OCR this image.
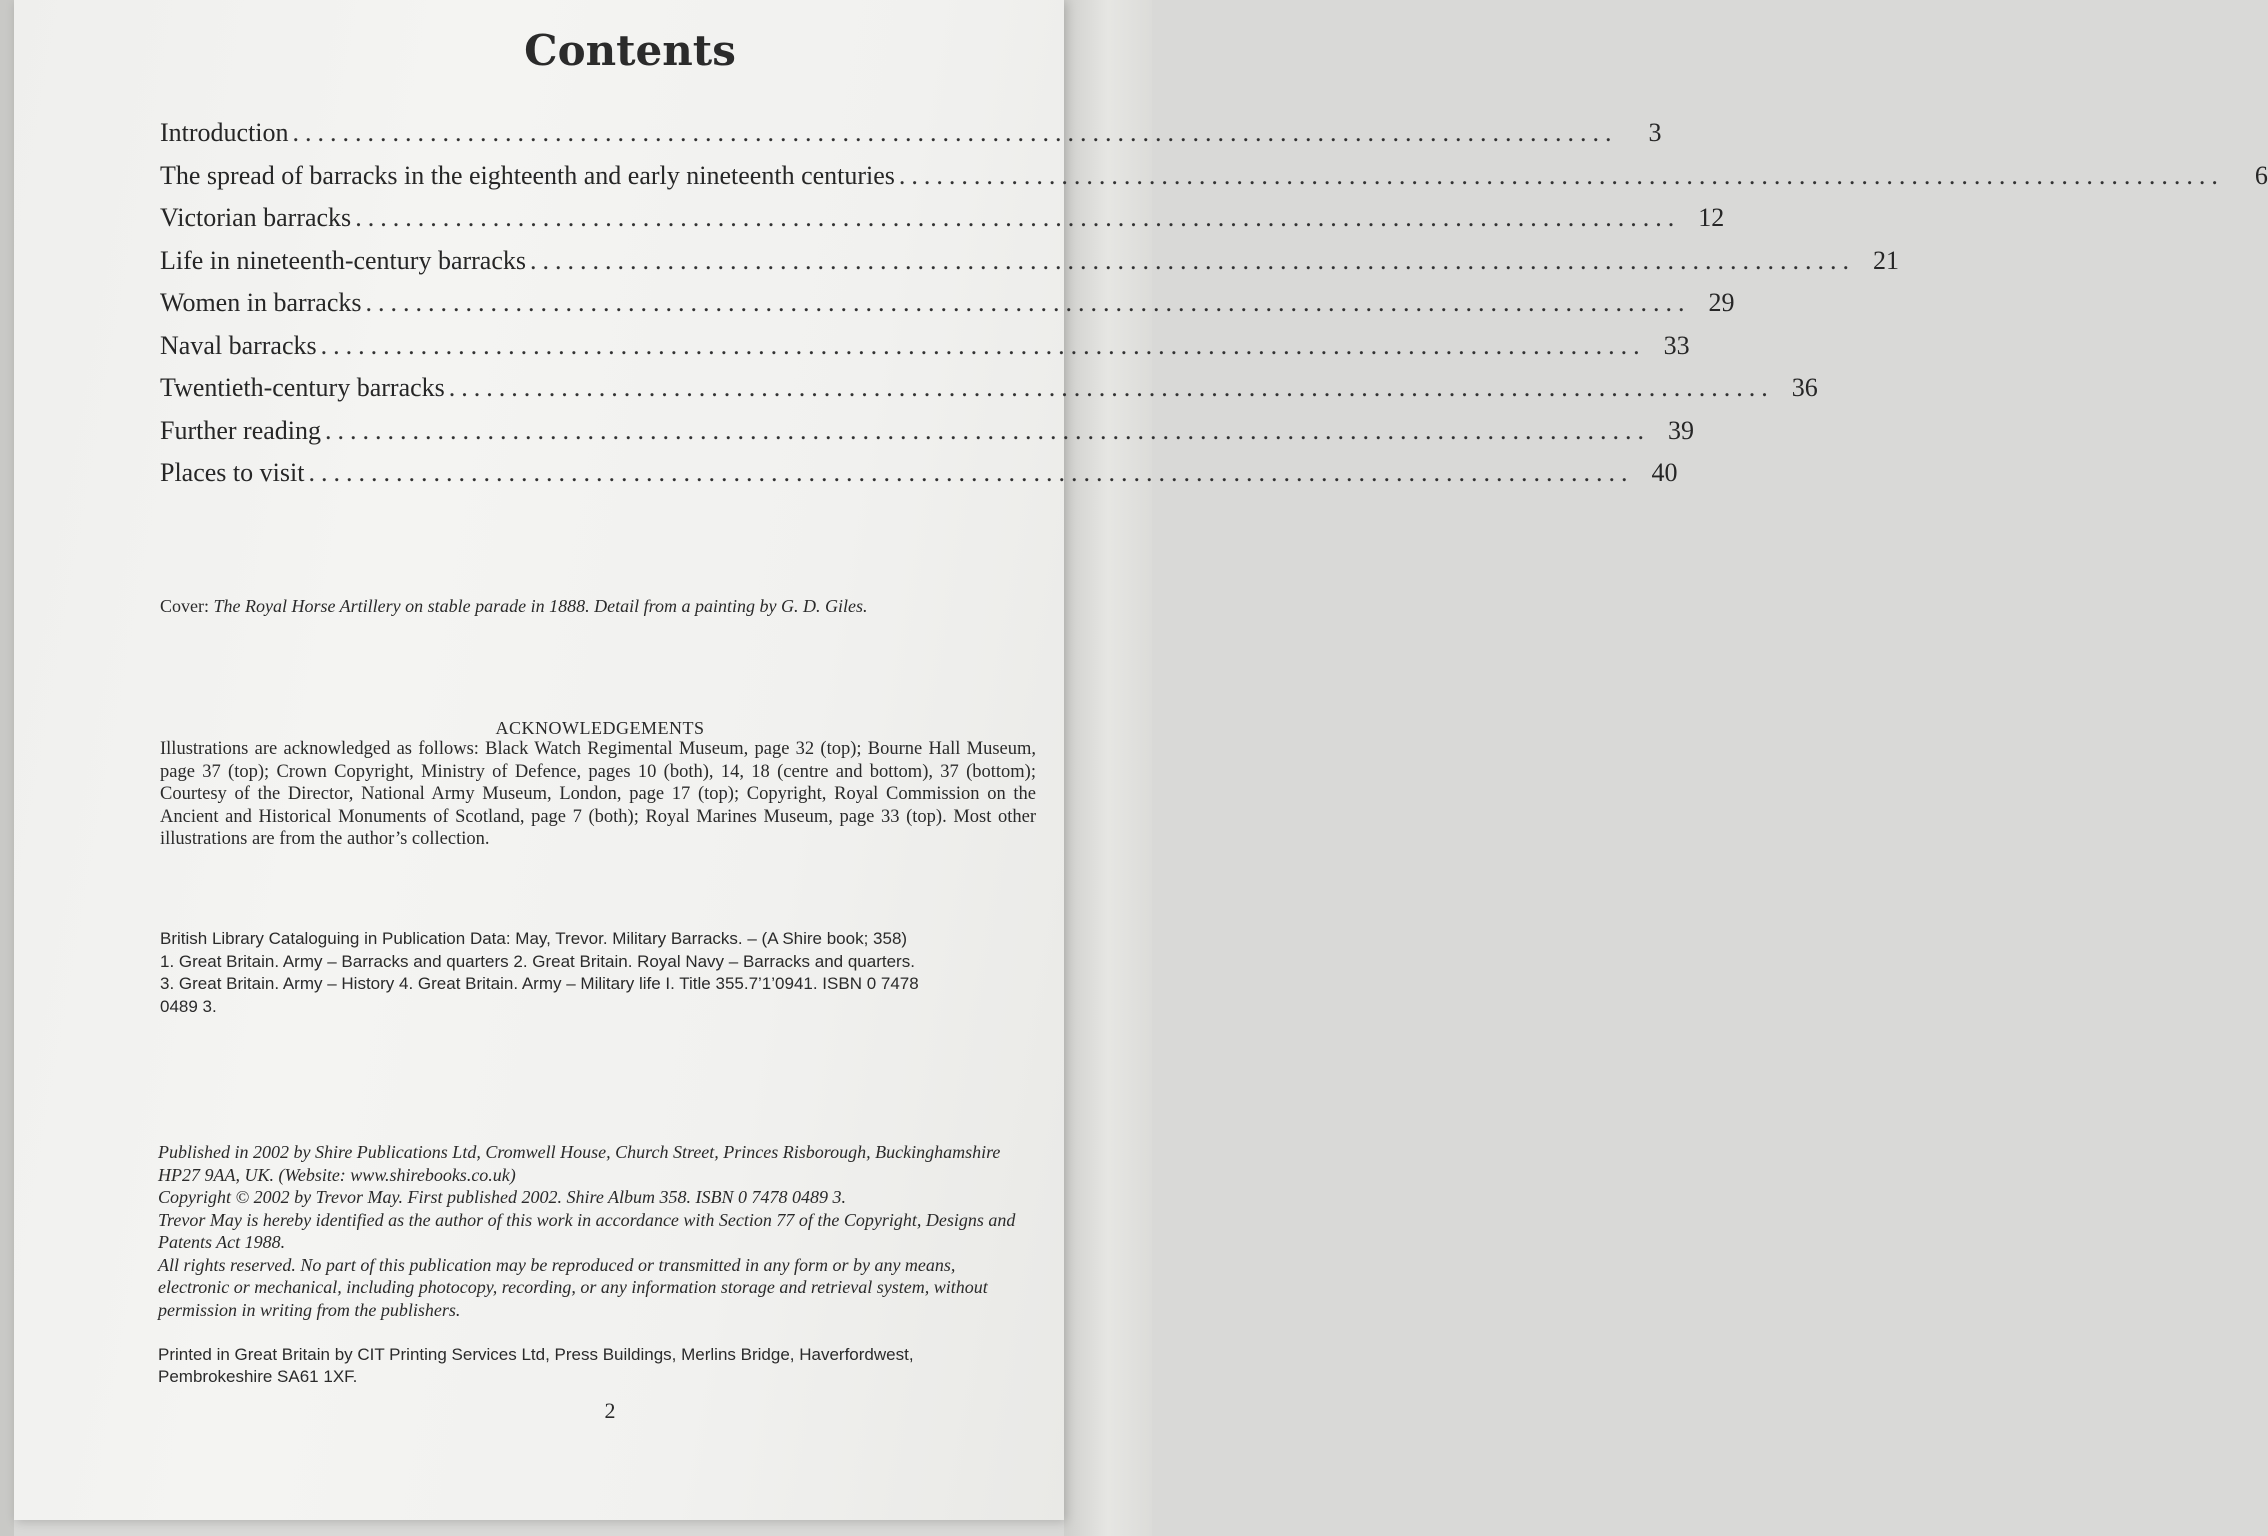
Contents
Introduction ..........................................................................................................	3
The spread of barracks in the eighteenth and early nineteenth centuries ..........................................................................................................	6
Victorian barracks .......................................................................................................... 12
Life in nineteenth-century barracks .......................................................................................................... 21
Women in barracks .......................................................................................................... 29
Naval barracks .......................................................................................................... 33
Twentieth-century barracks .......................................................................................................... 36
Further reading .......................................................................................................... 39
Places to visit .......................................................................................................... 40
Cover: The Royal Horse Artillery on stable parade in 1888. Detail from a painting by G. D. Giles.
ACKNOWLEDGEMENTS
Illustrations are acknowledged as follows: Black Watch Regimental Museum, page 32 (top); Bourne Hall Museum, page 37 (top); Crown Copyright, Ministry of Defence, pages 10 (both), 14, 18 (centre and bottom), 37 (bottom); Courtesy of the Director, National Army Museum, London, page 17 (top); Copyright, Royal Commission on the Ancient and Historical Monuments of Scotland, page 7 (both); Royal Marines Museum, page 33 (top). Most other illustrations are from the author’s collection.
British Library Cataloguing in Publication Data: May, Trevor. Military Barracks. – (A Shire book; 358)
1. Great Britain. Army – Barracks and quarters 2. Great Britain. Royal Navy – Barracks and quarters.
3. Great Britain. Army – History 4. Great Britain. Army – Military life I. Title 355.7’1’0941. ISBN 0 7478
0489 3.

Published in 2002 by Shire Publications Ltd, Cromwell House, Church Street, Princes Risborough, Buckinghamshire HP27 9AA, UK. (Website: www.shirebooks.co.uk)

Copyright © 2002 by Trevor May. First published 2002. Shire Album 358. ISBN 0 7478 0489 3.

Trevor May is hereby identified as the author of this work in accordance with Section 77 of the Copyright, Designs and Patents Act 1988.

All rights reserved. No part of this publication may be reproduced or transmitted in any form or by any means, electronic or mechanical, including photocopy, recording, or any information storage and retrieval system, without permission in writing from the publishers.

Printed in Great Britain by CIT Printing Services Ltd, Press Buildings, Merlins Bridge, Haverfordwest,
Pembrokeshire SA61 1XF.
2
